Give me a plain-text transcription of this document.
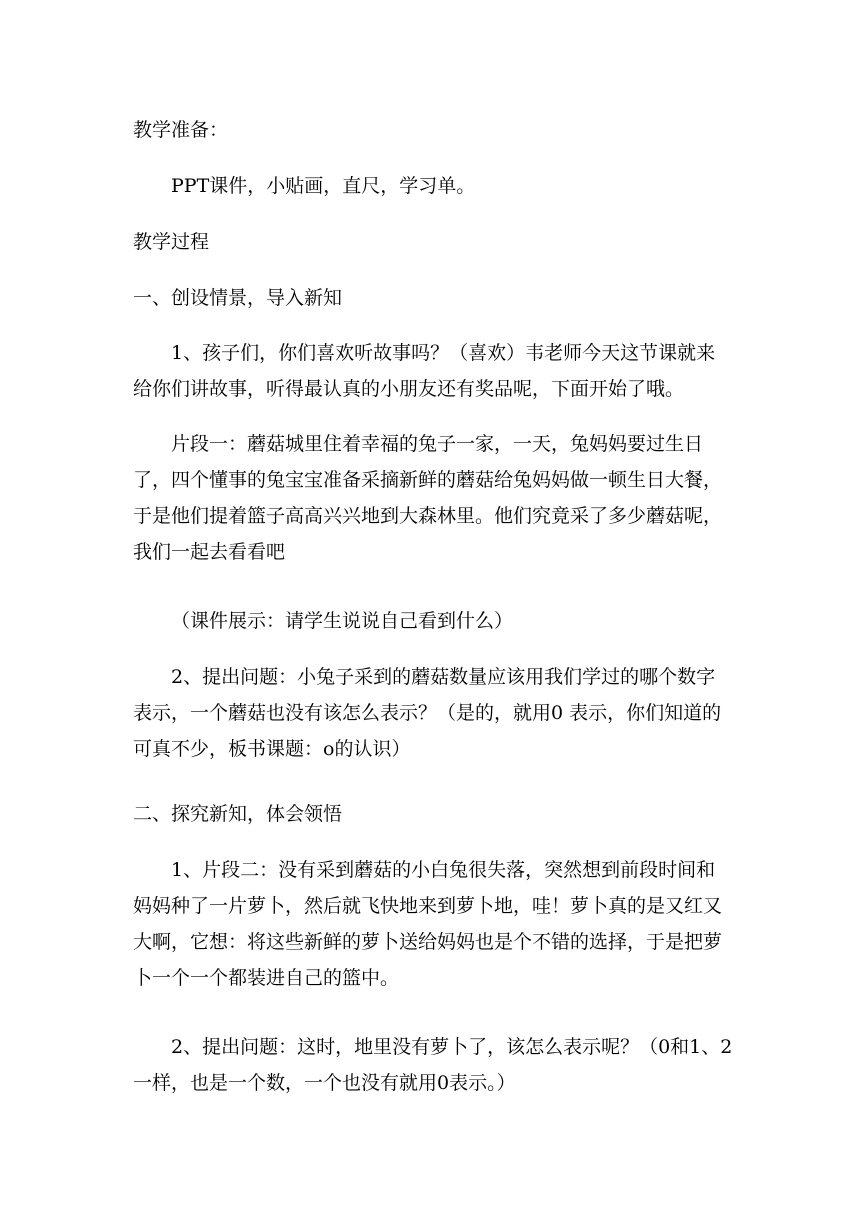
教学准备：

PPT课件，小贴画，直尺，学习单。

教学过程

一、创设情景，导入新知

1、孩子们，你们喜欢听故事吗？（喜欢）韦老师今天这节课就来给你们讲故事，听得最认真的小朋友还有奖品呢，下面开始了哦。

片段一：蘑菇城里住着幸福的兔子一家，一天，兔妈妈要过生日了，四个懂事的兔宝宝准备采摘新鲜的蘑菇给兔妈妈做一顿生日大餐，于是他们提着篮子高高兴兴地到大森林里。他们究竟采了多少蘑菇呢，我们一起去看看吧

（课件展示：请学生说说自己看到什么）

2、提出问题：小兔子采到的蘑菇数量应该用我们学过的哪个数字表示，一个蘑菇也没有该怎么表示？（是的，就用0 表示，你们知道的可真不少，板书课题：o的认识）

二、探究新知，体会领悟

1、片段二：没有采到蘑菇的小白兔很失落，突然想到前段时间和妈妈种了一片萝卜，然后就飞快地来到萝卜地，哇！萝卜真的是又红又大啊，它想：将这些新鲜的萝卜送给妈妈也是个不错的选择，于是把萝卜一个一个都装进自己的篮中。

2、提出问题：这时，地里没有萝卜了，该怎么表示呢？（0和1、2一样，也是一个数，一个也没有就用0表示。）
